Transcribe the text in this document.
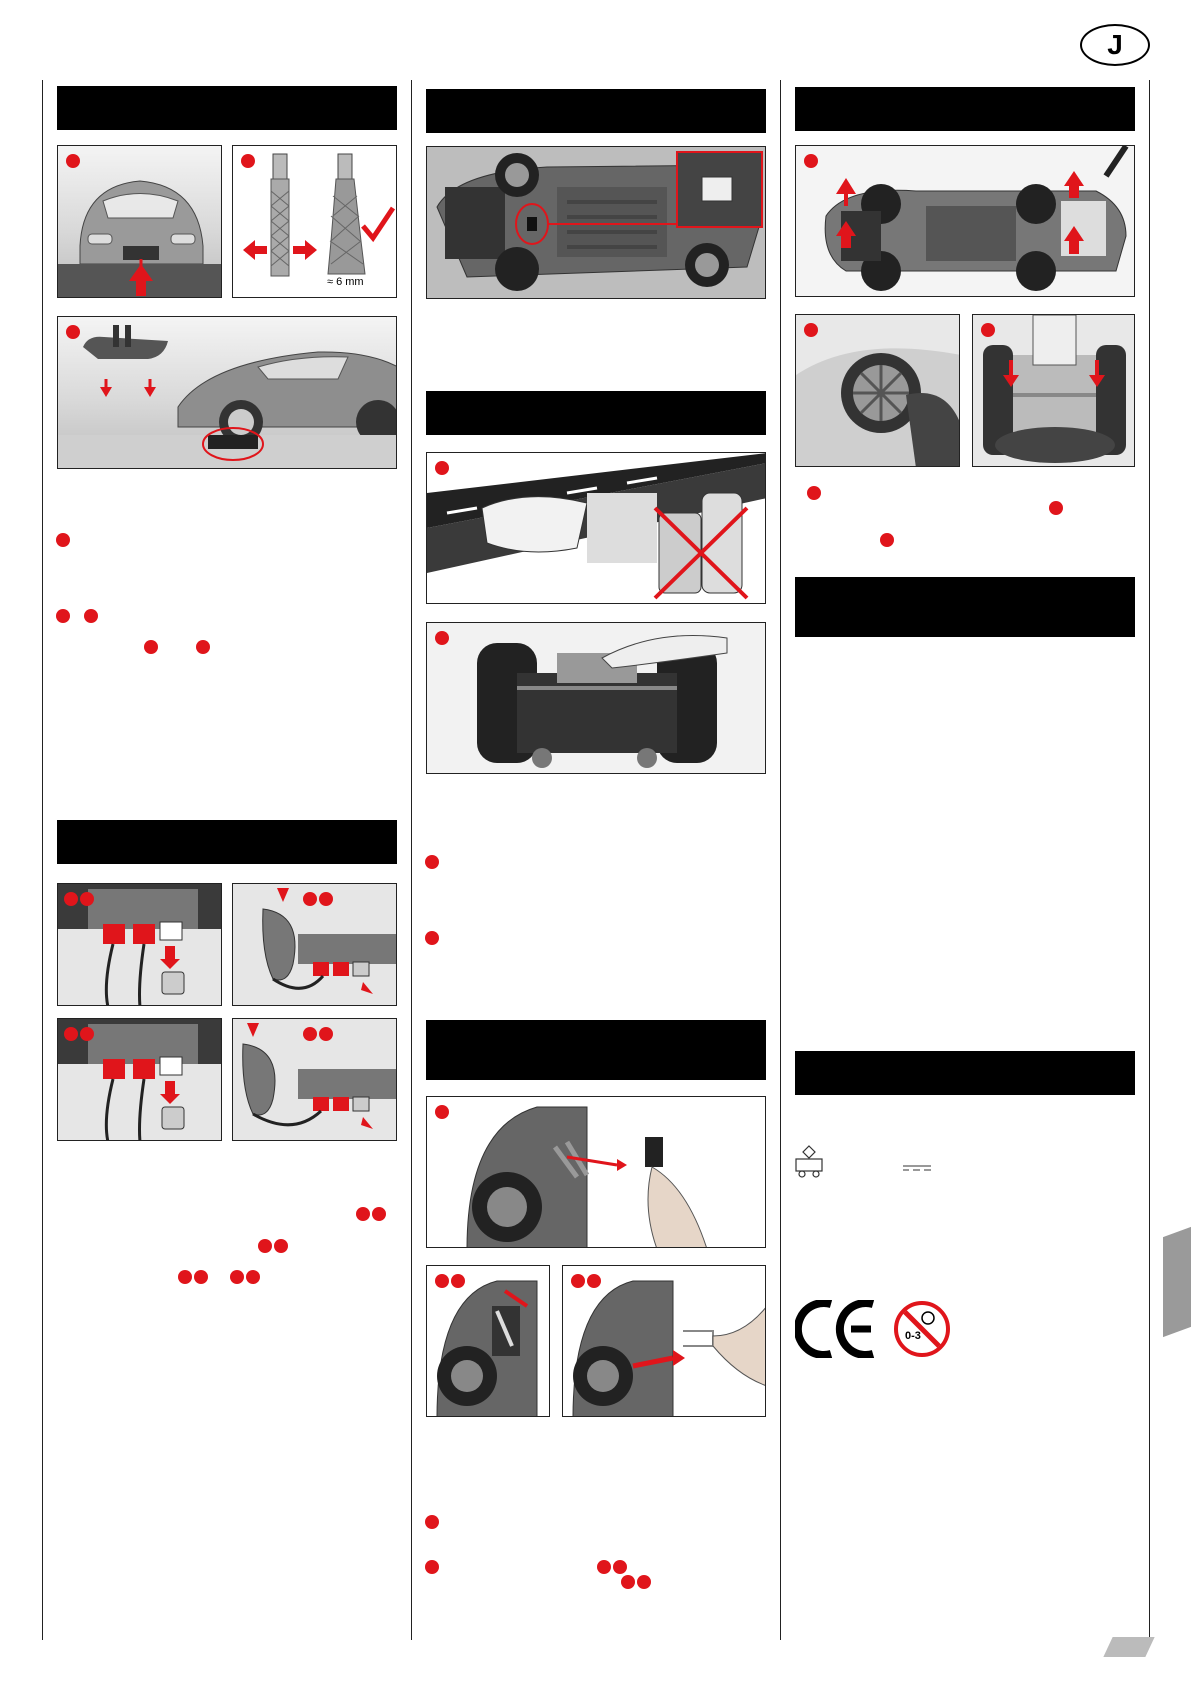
J
≈ 6 mm
0-3
